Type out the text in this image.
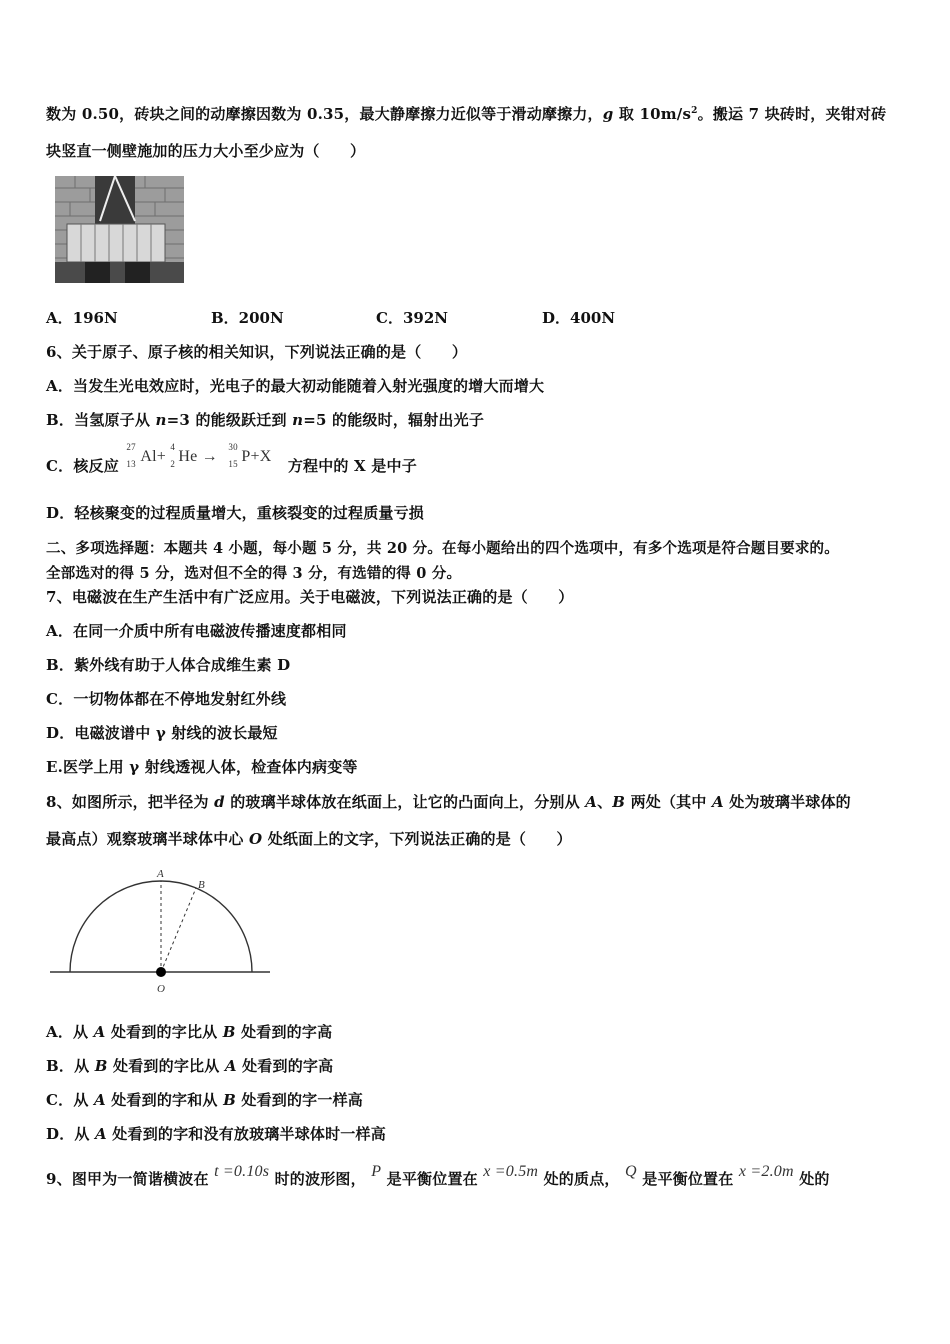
数为 0.50，砖块之间的动摩擦因数为 0.35，最大静摩擦力近似等于滑动摩擦力，g 取 $10m/s^2$。搬运 7 块砖时，夹钳对砖
块竖直一侧壁施加的压力大小至少应为（　　）
A．196N	B．200N	C．392N	D．400N
6、关于原子、原子核的相关知识，下列说法正确的是（　　）
A．当发生光电效应时，光电子的最大初动能随着入射光强度的增大而增大
B．当氢原子从 n=3 的能级跃迁到 n=5 的能级时，辐射出光子
C．核反应
27
13 Al+
4
2 He →
30
15 P+X
方程中的 X 是中子
D．轻核聚变的过程质量增大，重核裂变的过程质量亏损
二、多项选择题：本题共 4 小题，每小题 5 分，共 20 分。在每小题给出的四个选项中，有多个选项是符合题目要求的。
全部选对的得 5 分，选对但不全的得 3 分，有选错的得 0 分。
7、电磁波在生产生活中有广泛应用。关于电磁波，下列说法正确的是（　　）
A．在同一介质中所有电磁波传播速度都相同
B．紫外线有助于人体合成维生素 D
C．一切物体都在不停地发射红外线
D．电磁波谱中 γ 射线的波长最短
E.医学上用 γ 射线透视人体，检查体内病变等
8、如图所示，把半径为 d 的玻璃半球体放在纸面上，让它的凸面向上，分别从 A、B 两处（其中 A 处为玻璃半球体的
最高点）观察玻璃半球体中心 O 处纸面上的文字，下列说法正确的是（　　）
A
B
O
A．从 A 处看到的字比从 B 处看到的字高
B．从 B 处看到的字比从 A 处看到的字高
C．从 A 处看到的字和从 B 处看到的字一样高
D．从 A 处看到的字和没有放玻璃半球体时一样高
9、图甲为一简谐横波在 t =0.10s 时的波形图， P 是平衡位置在 x =0.5m 处的质点， Q 是平衡位置在 x =2.0m 处的
